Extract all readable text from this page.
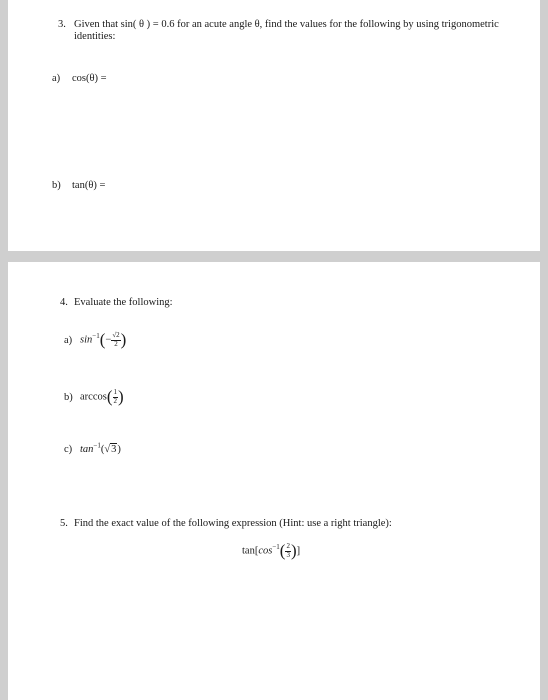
3. Given that sin( θ ) = 0.6 for an acute angle θ, find the values for the following by using trigonometric
identities:
a) cos(θ) =
b) tan(θ) =
4. Evaluate the following:
a) $\sin^{-1}(- \frac{√2}{2}$ )
b) $\arccos( \frac{1}{2}$ )
c) $\tan^{-1}(√3)$
5. Find the exact value of the following expression (Hint: use a right triangle):
$\tan[\cos^{-1}( \frac{2}{3}$ )]
